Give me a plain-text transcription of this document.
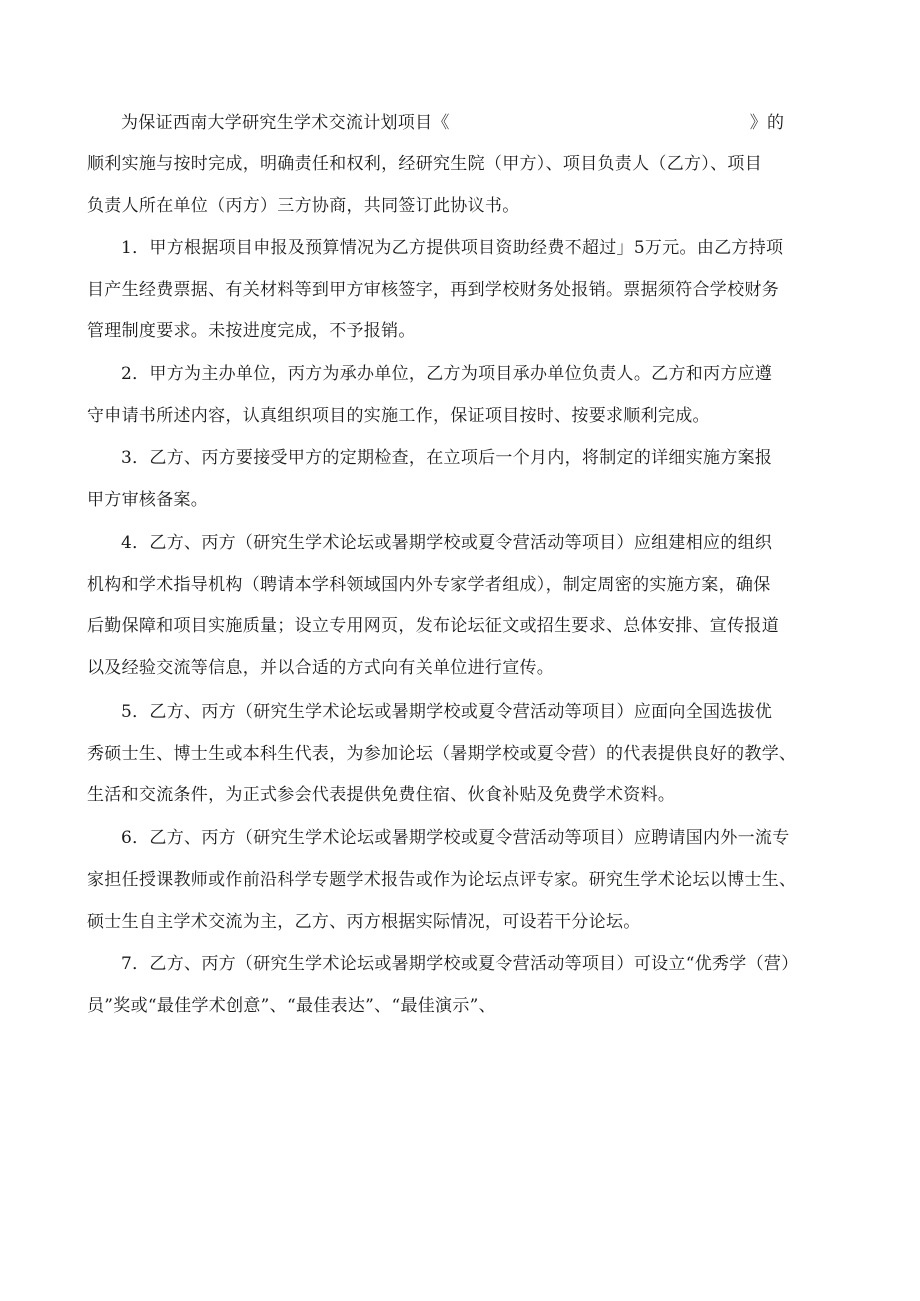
为保证西南大学研究生学术交流计划项目《	》的
顺利实施与按时完成，明确责任和权利，经研究生院（甲方）、项目负责人（乙方）、项目
负责人所在单位（丙方）三方协商，共同签订此协议书。
1．甲方根据项目申报及预算情况为乙方提供项目资助经费不超过」5万元。由乙方持项
目产生经费票据、有关材料等到甲方审核签字，再到学校财务处报销。票据须符合学校财务
管理制度要求。未按进度完成，不予报销。
2．甲方为主办单位，丙方为承办单位，乙方为项目承办单位负责人。乙方和丙方应遵
守申请书所述内容，认真组织项目的实施工作，保证项目按时、按要求顺利完成。
3．乙方、丙方要接受甲方的定期检查，在立项后一个月内，将制定的详细实施方案报
甲方审核备案。
4．乙方、丙方（研究生学术论坛或暑期学校或夏令营活动等项目）应组建相应的组织
机构和学术指导机构（聘请本学科领域国内外专家学者组成），制定周密的实施方案，确保
后勤保障和项目实施质量；设立专用网页，发布论坛征文或招生要求、总体安排、宣传报道
以及经验交流等信息，并以合适的方式向有关单位进行宣传。
5．乙方、丙方（研究生学术论坛或暑期学校或夏令营活动等项目）应面向全国选拔优
秀硕士生、博士生或本科生代表，为参加论坛（暑期学校或夏令营）的代表提供良好的教学、
生活和交流条件，为正式参会代表提供免费住宿、伙食补贴及免费学术资料。
6．乙方、丙方（研究生学术论坛或暑期学校或夏令营活动等项目）应聘请国内外一流专
家担任授课教师或作前沿科学专题学术报告或作为论坛点评专家。研究生学术论坛以博士生、
硕士生自主学术交流为主，乙方、丙方根据实际情况，可设若干分论坛。
7．乙方、丙方（研究生学术论坛或暑期学校或夏令营活动等项目）可设立“优秀学（营）
员”奖或“最佳学术创意”、“最佳表达”、“最佳演示”、
